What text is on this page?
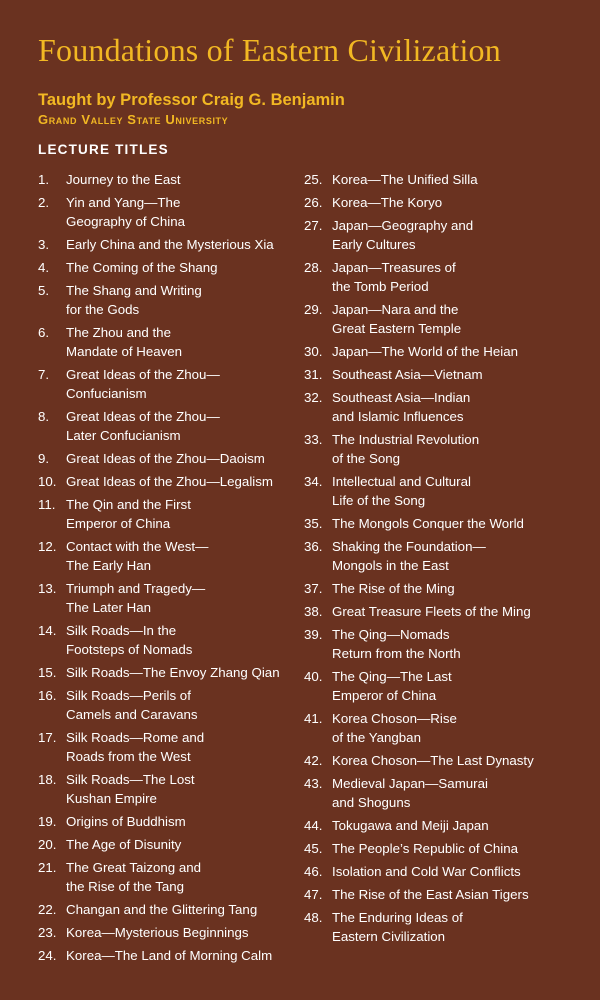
Foundations of Eastern Civilization
Taught by Professor Craig G. Benjamin
Grand Valley State University
LECTURE TITLES
1.	Journey to the East
2.	Yin and Yang—The
Geography of China
3.	Early China and the Mysterious Xia
4.	The Coming of the Shang
5.	The Shang and Writing
for the Gods
6.	The Zhou and the
Mandate of Heaven
7.	Great Ideas of the Zhou—
Confucianism
8.	Great Ideas of the Zhou—
Later Confucianism
9.	Great Ideas of the Zhou—Daoism
10. Great Ideas of the Zhou—Legalism
11. The Qin and the First
Emperor of China
12. Contact with the West—
The Early Han
13. Triumph and Tragedy—
The Later Han
14. Silk Roads—In the
Footsteps of Nomads
15. Silk Roads—The Envoy Zhang Qian
16. Silk Roads—Perils of
Camels and Caravans
17. Silk Roads—Rome and
Roads from the West
18. Silk Roads—The Lost
Kushan Empire
19. Origins of Buddhism
20. The Age of Disunity
21. The Great Taizong and
the Rise of the Tang
22. Changan and the Glittering Tang
23. Korea—Mysterious Beginnings
24. Korea—The Land of Morning Calm
25. Korea—The Unified Silla
26. Korea—The Koryo
27. Japan—Geography and
Early Cultures
28. Japan—Treasures of
the Tomb Period
29. Japan—Nara and the
Great Eastern Temple
30. Japan—The World of the Heian
31. Southeast Asia—Vietnam
32. Southeast Asia—Indian
and Islamic Influences
33. The Industrial Revolution
of the Song
34. Intellectual and Cultural
Life of the Song
35. The Mongols Conquer the World
36. Shaking the Foundation—
Mongols in the East
37. The Rise of the Ming
38. Great Treasure Fleets of the Ming
39. The Qing—Nomads
Return from the North
40. The Qing—The Last
Emperor of China
41. Korea Choson—Rise
of the Yangban
42. Korea Choson—The Last Dynasty
43. Medieval Japan—Samurai
and Shoguns
44. Tokugawa and Meiji Japan
45. The People’s Republic of China
46. Isolation and Cold War Conflicts
47. The Rise of the East Asian Tigers
48. The Enduring Ideas of
Eastern Civilization
